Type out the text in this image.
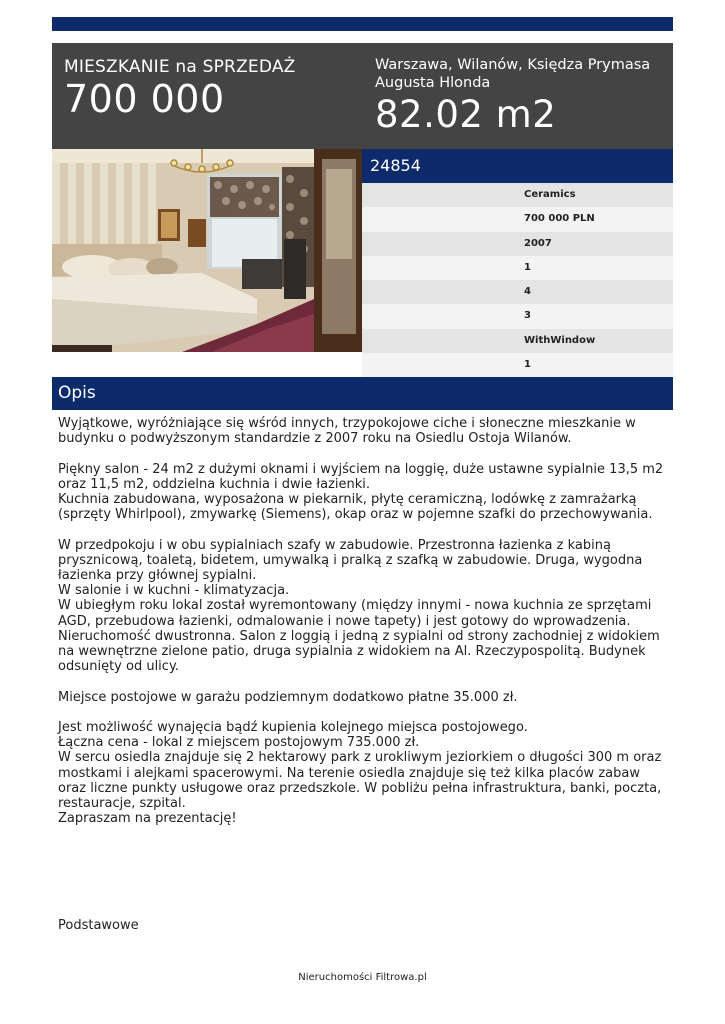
MIESZKANIE na SPRZEDAŻ
700 000
Warszawa, Wilanów, Księdza Prymasa Augusta Hlonda
82.02 m2
24854
Ceramics
700 000 PLN
2007
1
4
3
WithWindow
1
Opis

Wyjątkowe, wyróżniające się wśród innych, trzypokojowe ciche i słoneczne mieszkanie w budynku o podwyższonym standardzie z 2007 roku na Osiedlu Ostoja Wilanów.

Piękny salon - 24 m2 z dużymi oknami i wyjściem na loggię, duże ustawne sypialnie 13,5 m2 oraz 11,5 m2, oddzielna kuchnia i dwie łazienki.
Kuchnia zabudowana, wyposażona w piekarnik, płytę ceramiczną, lodówkę z zamrażarką (sprzęty Whirlpool), zmywarkę (Siemens), okap oraz w pojemne szafki do przechowywania.

W przedpokoju i w obu sypialniach szafy w zabudowie. Przestronna łazienka z kabiną prysznicową, toaletą, bidetem, umywalką i pralką z szafką w zabudowie. Druga, wygodna łazienka przy głównej sypialni.
W salonie i w kuchni - klimatyzacja.
W ubiegłym roku lokal został wyremontowany (między innymi - nowa kuchnia ze sprzętami AGD, przebudowa łazienki, odmalowanie i nowe tapety) i jest gotowy do wprowadzenia.
Nieruchomość dwustronna. Salon z loggią i jedną z sypialni od strony zachodniej z widokiem na wewnętrzne zielone patio, druga sypialnia z widokiem na Al. Rzeczypospolitą. Budynek odsunięty od ulicy.

Miejsce postojowe w garażu podziemnym dodatkowo płatne 35.000 zł.

Jest możliwość wynajęcia bądź kupienia kolejnego miejsca postojowego.
Łączna cena - lokal z miejscem postojowym 735.000 zł.
W sercu osiedla znajduje się 2 hektarowy park z urokliwym jeziorkiem o długości 300 m oraz mostkami i alejkami spacerowymi. Na terenie osiedla znajduje się też kilka placów zabaw oraz liczne punkty usługowe oraz przedszkole. W pobliżu pełna infrastruktura, banki, poczta, restauracje, szpital.
Zapraszam na prezentację!

Podstawowe
Nieruchomości Filtrowa.pl
